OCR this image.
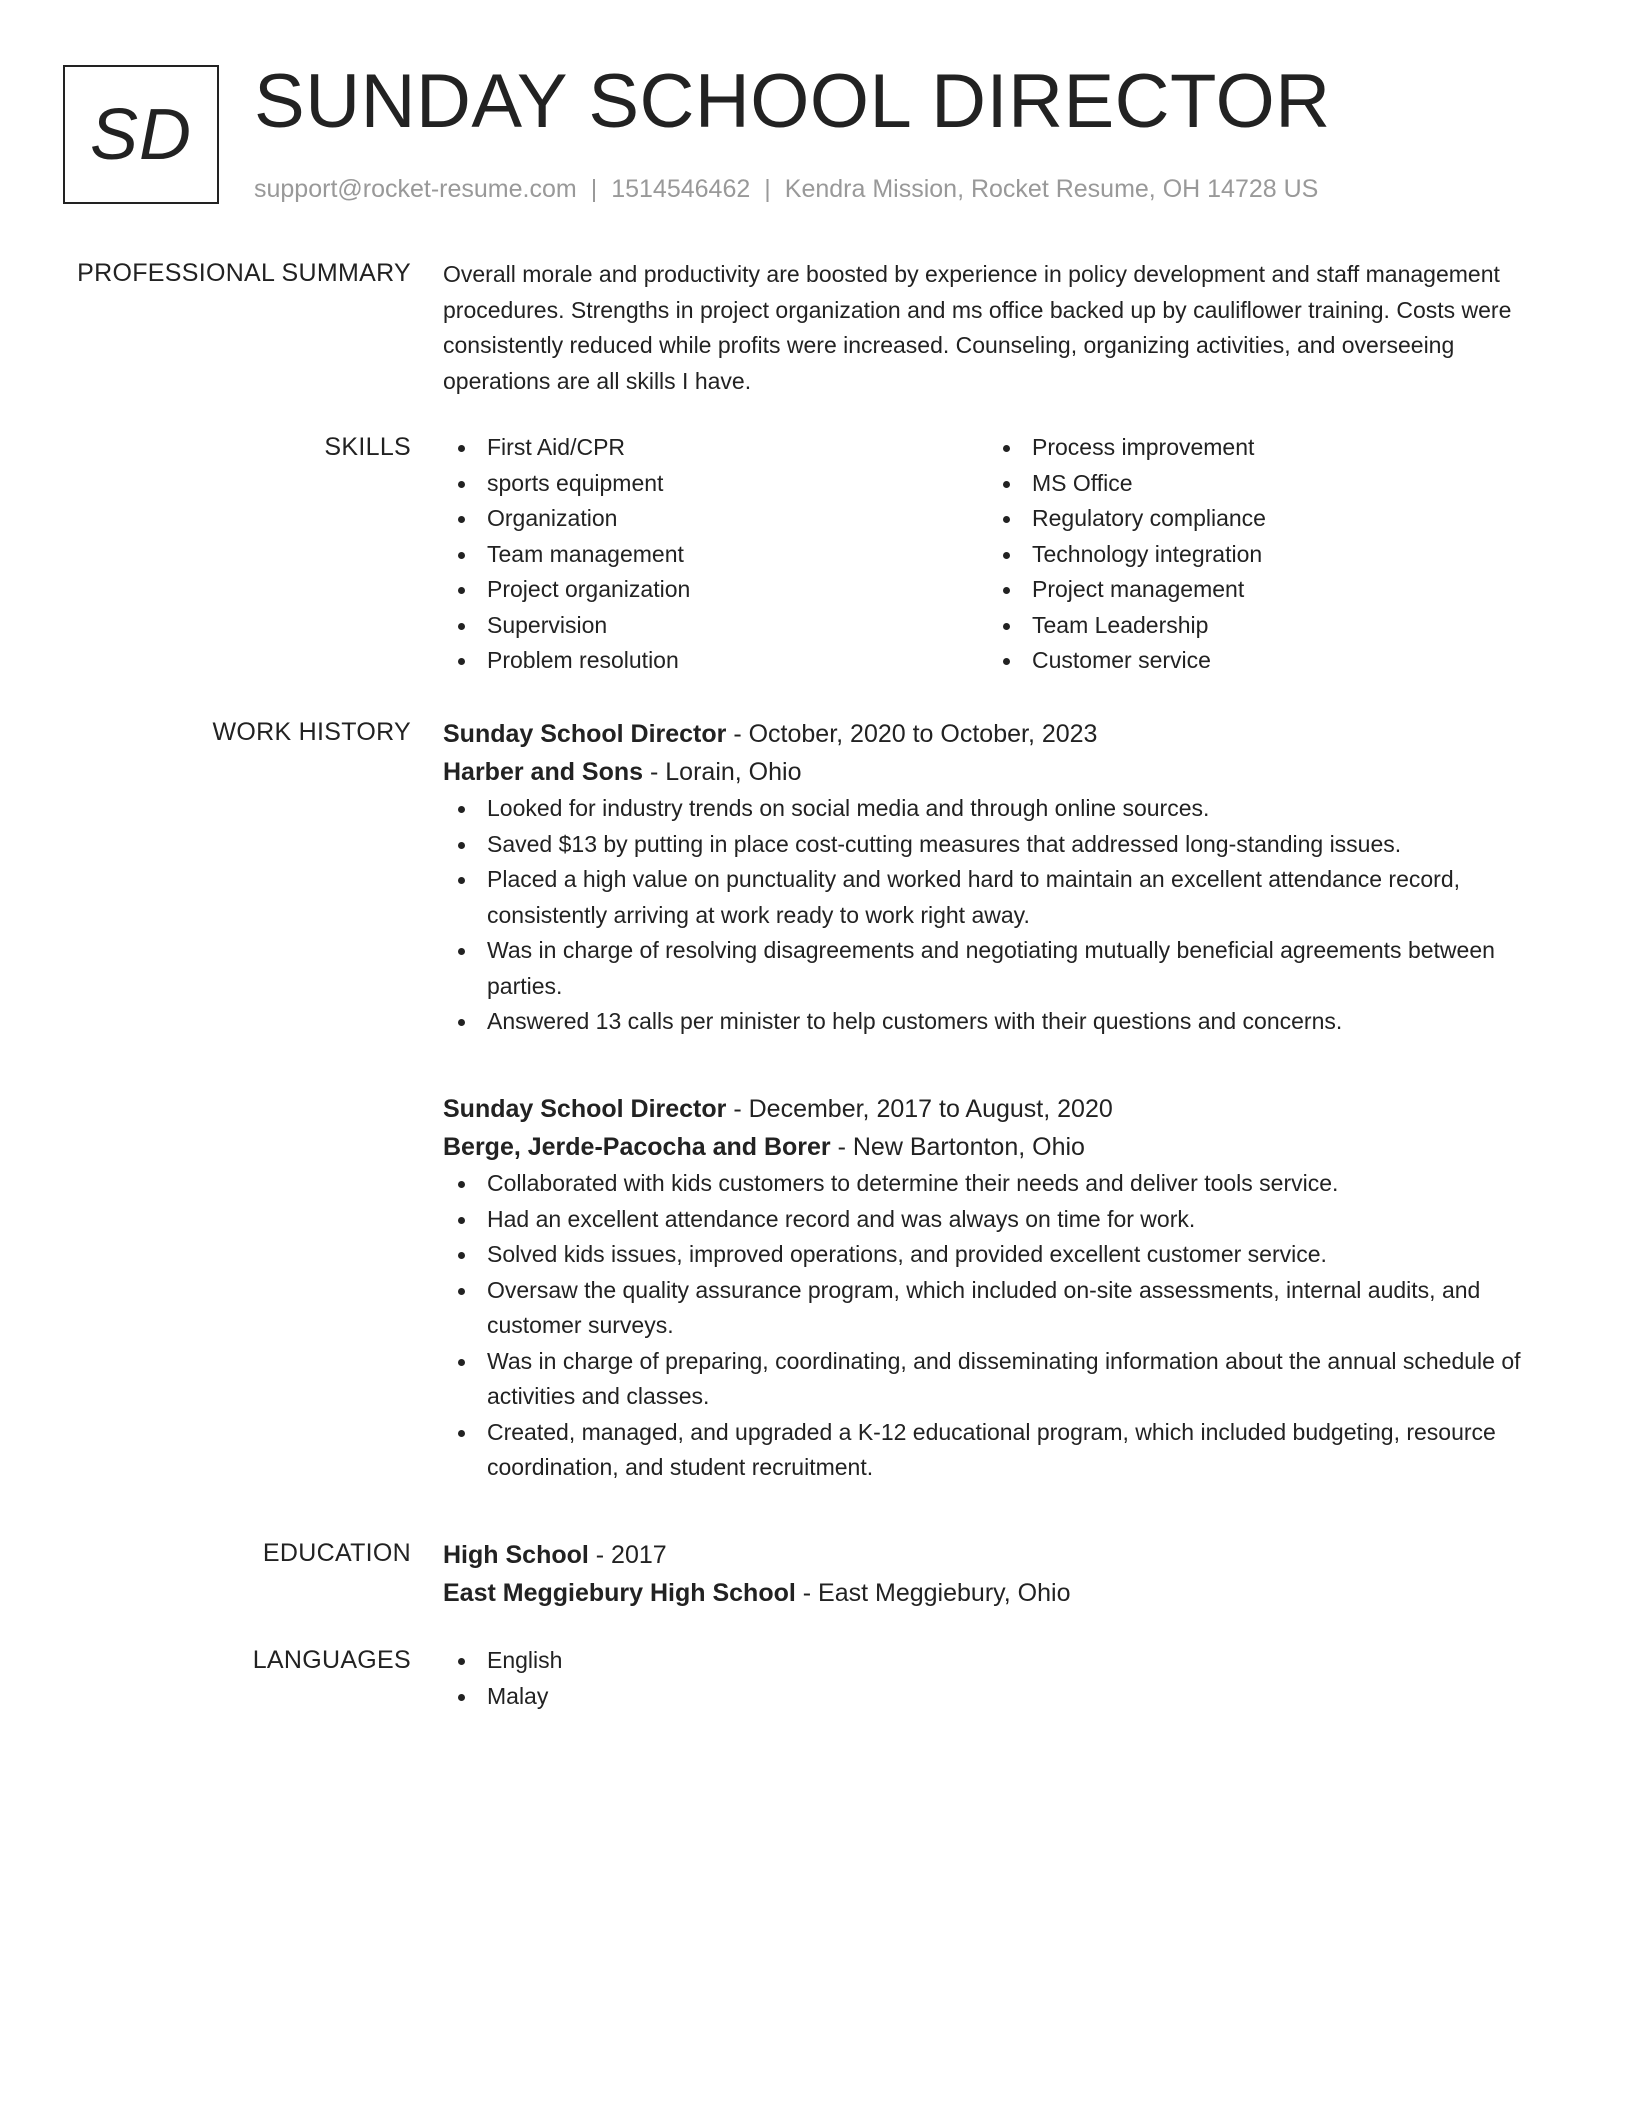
SD SUNDAY SCHOOL DIRECTOR
support@rocket-resume.com | 1514546462 | Kendra Mission, Rocket Resume, OH 14728 US
PROFESSIONAL SUMMARY Overall morale and productivity are boosted by experience in policy development and staff management procedures. Strengths in project organization and ms office backed up by cauliflower training. Costs were consistently reduced while profits were increased. Counseling, organizing activities, and overseeing operations are all skills I have.

SKILLS	First Aid/CPR
sports equipment
Organization
Team management
Project organization
Supervision
Problem resolution
Process improvement
MS Office
Regulatory compliance
Technology integration
Project management
Team Leadership
Customer service
WORK HISTORY Sunday School Director - October, 2020 to October, 2023
Harber and Sons - Lorain, Ohio
Looked for industry trends on social media and through online sources.
Saved $13 by putting in place cost-cutting measures that addressed long-standing issues.
Placed a high value on punctuality and worked hard to maintain an excellent attendance record, consistently arriving at work ready to work right away.
Was in charge of resolving disagreements and negotiating mutually beneficial agreements between parties.
Answered 13 calls per minister to help customers with their questions and concerns.
Sunday School Director - December, 2017 to August, 2020
Berge, Jerde-Pacocha and Borer - New Bartonton, Ohio
Collaborated with kids customers to determine their needs and deliver tools service.
Had an excellent attendance record and was always on time for work.
Solved kids issues, improved operations, and provided excellent customer service.
Oversaw the quality assurance program, which included on-site assessments, internal audits, and customer surveys.
Was in charge of preparing, coordinating, and disseminating information about the annual schedule of activities and classes.
Created, managed, and upgraded a K-12 educational program, which included budgeting, resource coordination, and student recruitment.
EDUCATION High School - 2017
East Meggiebury High School - East Meggiebury, Ohio
LANGUAGES	English
Malay
